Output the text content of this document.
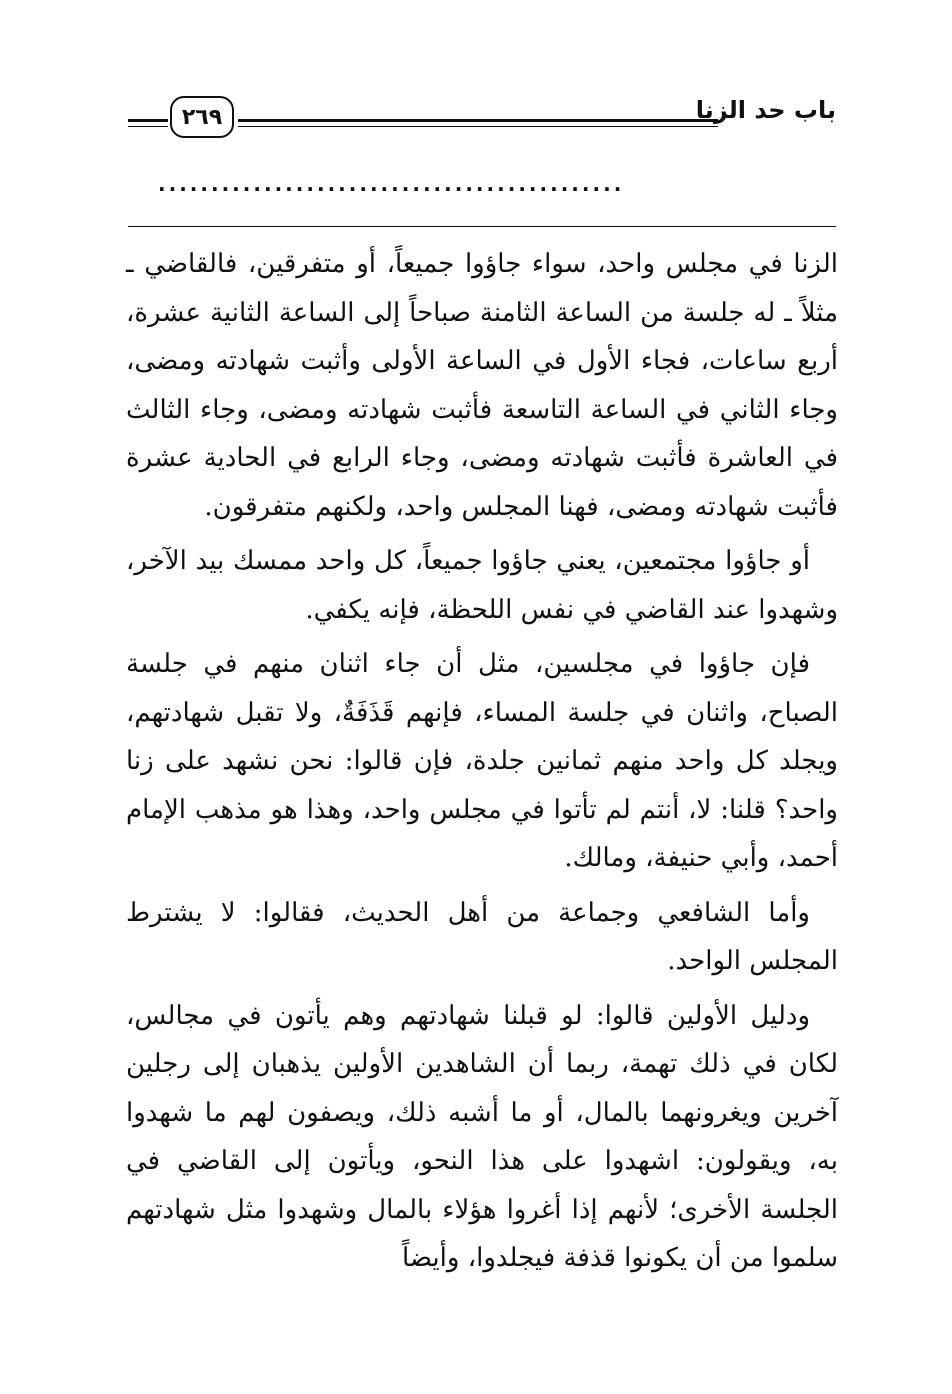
باب حد الزنا
٢٦٩
............................................

الزنا في مجلس واحد، سواء جاؤوا جميعاً، أو متفرقين، فالقاضي ـ مثلاً ـ له جلسة من الساعة الثامنة صباحاً إلى الساعة الثانية عشرة، أربع ساعات، فجاء الأول في الساعة الأولى وأثبت شهادته ومضى، وجاء الثاني في الساعة التاسعة فأثبت شهادته ومضى، وجاء الثالث في العاشرة فأثبت شهادته ومضى، وجاء الرابع في الحادية عشرة فأثبت شهادته ومضى، فهنا المجلس واحد، ولكنهم متفرقون.

أو جاؤوا مجتمعين، يعني جاؤوا جميعاً، كل واحد ممسك بيد الآخر، وشهدوا عند القاضي في نفس اللحظة، فإنه يكفي.

فإن جاؤوا في مجلسين، مثل أن جاء اثنان منهم في جلسة الصباح، واثنان في جلسة المساء، فإنهم قَذَفَةٌ، ولا تقبل شهادتهم، ويجلد كل واحد منهم ثمانين جلدة، فإن قالوا: نحن نشهد على زنا واحد؟ قلنا: لا، أنتم لم تأتوا في مجلس واحد، وهذا هو مذهب الإمام أحمد، وأبي حنيفة، ومالك.

وأما الشافعي وجماعة من أهل الحديث، فقالوا: لا يشترط المجلس الواحد.

ودليل الأولين قالوا: لو قبلنا شهادتهم وهم يأتون في مجالس، لكان في ذلك تهمة، ربما أن الشاهدين الأولين يذهبان إلى رجلين آخرين ويغرونهما بالمال، أو ما أشبه ذلك، ويصفون لهم ما شهدوا به، ويقولون: اشهدوا على هذا النحو، ويأتون إلى القاضي في الجلسة الأخرى؛ لأنهم إذا أغروا هؤلاء بالمال وشهدوا مثل شهادتهم سلموا من أن يكونوا قذفة فيجلدوا، وأيضاً
